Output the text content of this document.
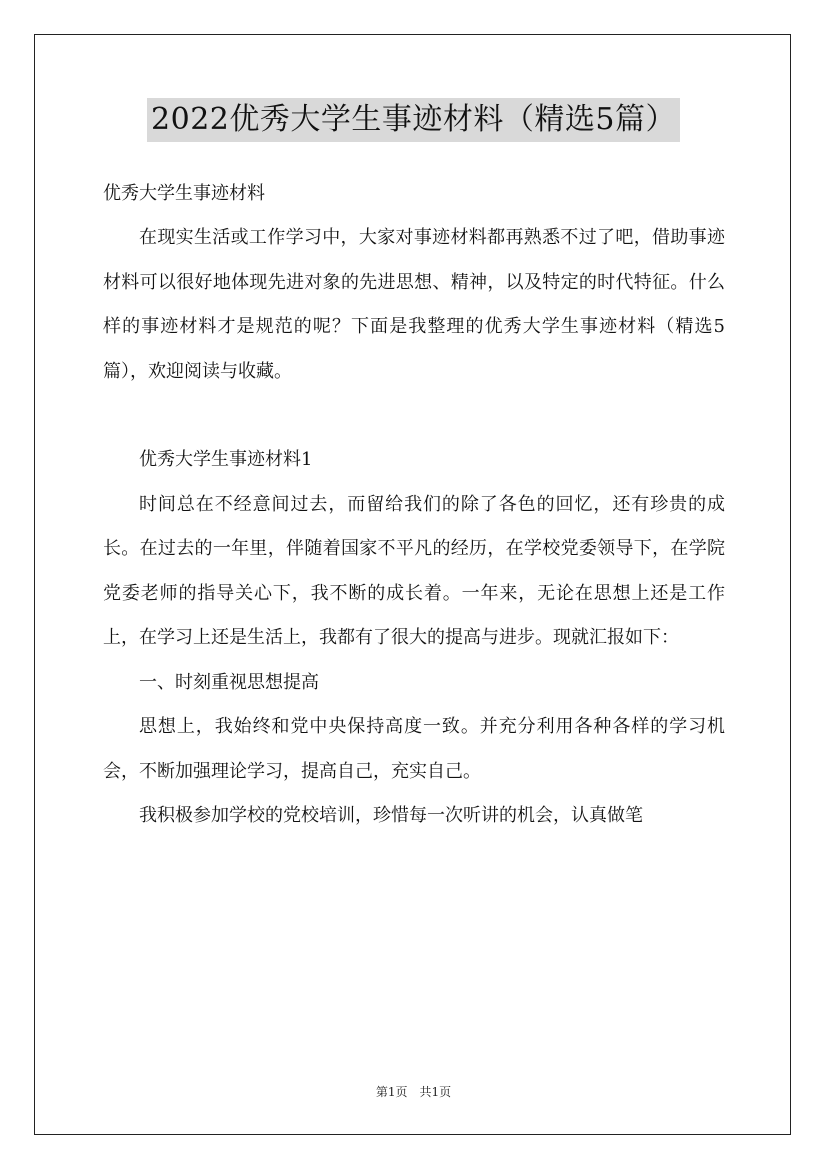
2022优秀大学生事迹材料（精选5篇）

优秀大学生事迹材料

在现实生活或工作学习中，大家对事迹材料都再熟悉不过了吧，借助事迹材料可以很好地体现先进对象的先进思想、精神，以及特定的时代特征。什么样的事迹材料才是规范的呢？下面是我整理的优秀大学生事迹材料（精选5篇），欢迎阅读与收藏。

优秀大学生事迹材料1

时间总在不经意间过去，而留给我们的除了各色的回忆，还有珍贵的成长。在过去的一年里，伴随着国家不平凡的经历，在学校党委领导下，在学院党委老师的指导关心下，我不断的成长着。一年来，无论在思想上还是工作上，在学习上还是生活上，我都有了很大的提高与进步。现就汇报如下：

一、时刻重视思想提高

思想上，我始终和党中央保持高度一致。并充分利用各种各样的学习机会，不断加强理论学习，提高自己，充实自己。

我积极参加学校的党校培训，珍惜每一次听讲的机会，认真做笔

第1页　共1页
